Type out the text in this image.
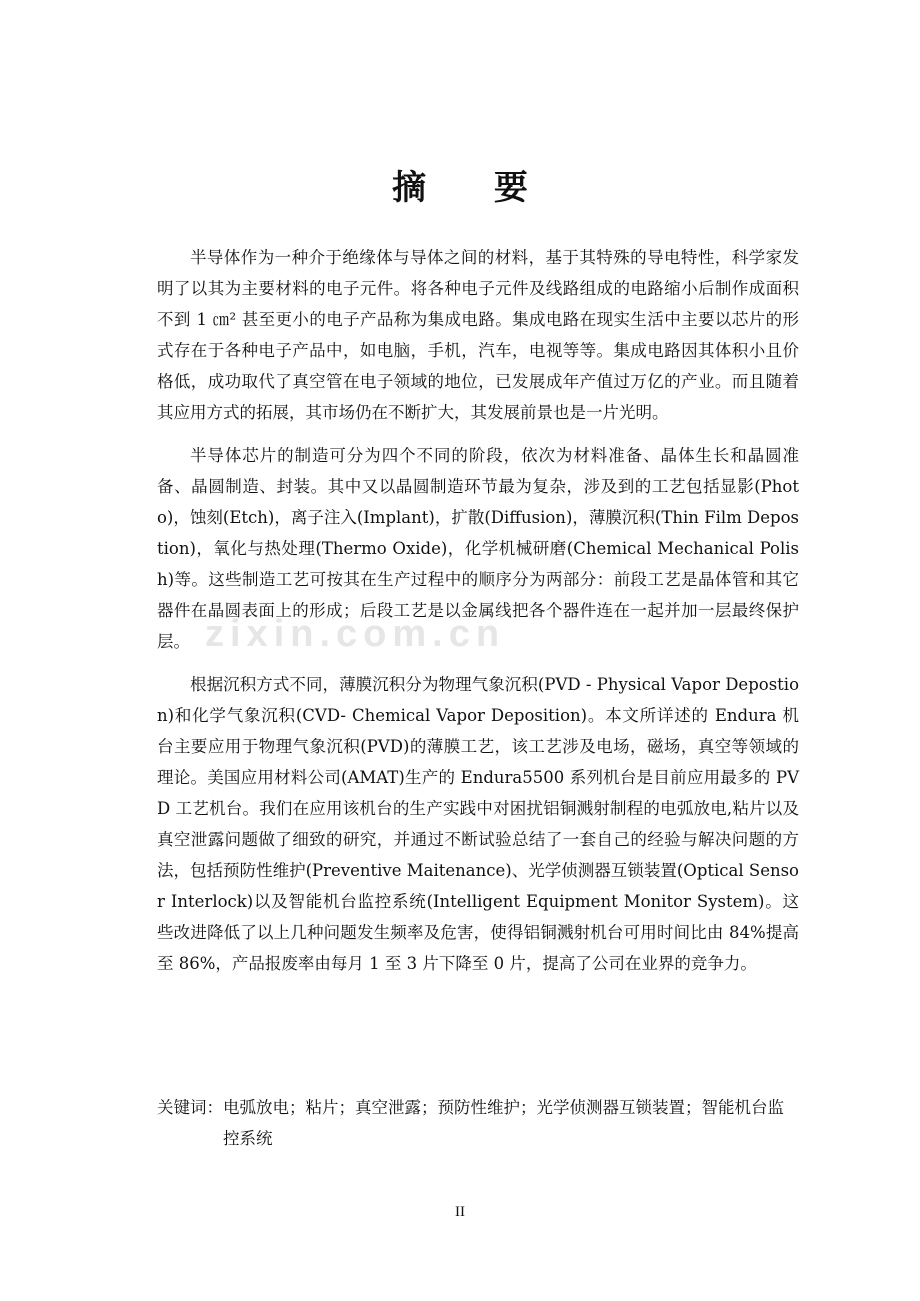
zixin.com.cn
摘 要

半导体作为一种介于绝缘体与导体之间的材料，基于其特殊的导电特性，科学家发明了以其为主要材料的电子元件。将各种电子元件及线路组成的电路缩小后制作成面积不到 1 ㎝² 甚至更小的电子产品称为集成电路。集成电路在现实生活中主要以芯片的形式存在于各种电子产品中，如电脑，手机，汽车，电视等等。集成电路因其体积小且价格低，成功取代了真空管在电子领域的地位，已发展成年产值过万亿的产业。而且随着其应用方式的拓展，其市场仍在不断扩大，其发展前景也是一片光明。

半导体芯片的制造可分为四个不同的阶段，依次为材料准备、晶体生长和晶圆准备、晶圆制造、封装。其中又以晶圆制造环节最为复杂，涉及到的工艺包括显影(Photo)，蚀刻(Etch)，离子注入(Implant)，扩散(Diffusion)，薄膜沉积(Thin Film Depostion)，氧化与热处理(Thermo Oxide)，化学机械研磨(Chemical Mechanical Polish)等。这些制造工艺可按其在生产过程中的顺序分为两部分：前段工艺是晶体管和其它器件在晶圆表面上的形成；后段工艺是以金属线把各个器件连在一起并加一层最终保护层。

根据沉积方式不同，薄膜沉积分为物理气象沉积(PVD - Physical Vapor Depostion)和化学气象沉积(CVD- Chemical Vapor Deposition)。本文所详述的 Endura 机台主要应用于物理气象沉积(PVD)的薄膜工艺，该工艺涉及电场，磁场，真空等领域的理论。美国应用材料公司(AMAT)生产的 Endura5500 系列机台是目前应用最多的 PVD 工艺机台。我们在应用该机台的生产实践中对困扰铝铜溅射制程的电弧放电,粘片以及真空泄露问题做了细致的研究，并通过不断试验总结了一套自己的经验与解决问题的方法，包括预防性维护(Preventive Maitenance)、光学侦测器互锁装置(Optical Sensor Interlock)以及智能机台监控系统(Intelligent Equipment Monitor System)。这些改进降低了以上几种问题发生频率及危害，使得铝铜溅射机台可用时间比由 84%提高至 86%，产品报废率由每月 1 至 3 片下降至 0 片，提高了公司在业界的竞争力。

关键词：电弧放电；粘片；真空泄露；预防性维护；光学侦测器互锁装置；智能机台监控系统
II
